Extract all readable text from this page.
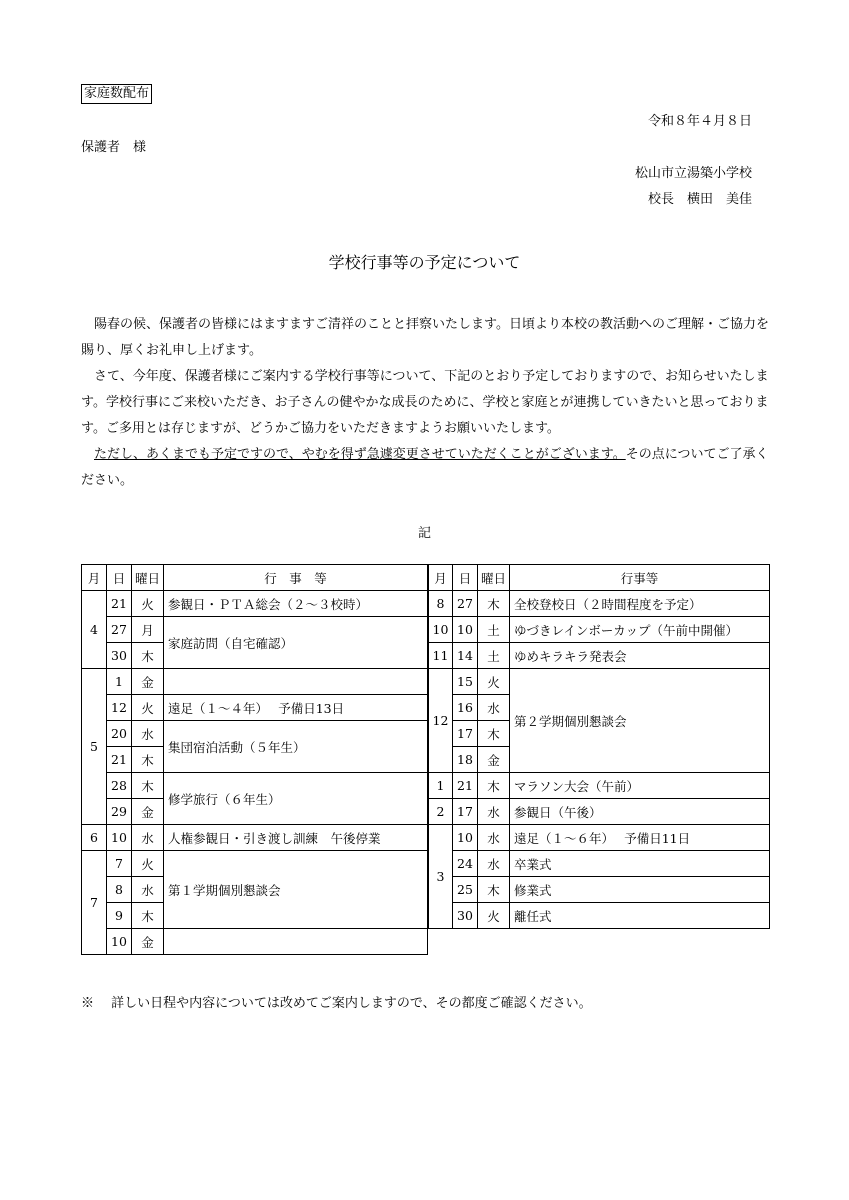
家庭数配布
令和８年４月８日
保護者　様
松山市立湯築小学校
校長　横田　美佳
学校行事等の予定について

陽春の候、保護者の皆様にはますますご清祥のことと拝察いたします。日頃より本校の教活動へのご理解・ご協力を賜り、厚くお礼申し上げます。

さて、今年度、保護者様にご案内する学校行事等について、下記のとおり予定しておりますので、お知らせいたします。学校行事にご来校いただき、お子さんの健やかな成長のために、学校と家庭とが連携していきたいと思っております。ご多用とは存じますが、どうかご協力をいただきますようお願いいたします。

ただし、あくまでも予定ですので、やむを得ず急遽変更させていただくことがございます。その点についてご了承ください。

記
月	日	曜日	行　事　等
4	21	火	参観日・ＰＴＡ総会（２～３校時）
	27	月	家庭訪問（自宅確認）
	30	木	
5	1	金	
	12	火	遠足（１～４年）　 予備日13日
	20	水	集団宿泊活動（５年生）
	21	木	
	28	木	修学旅行（６年生）
	29	金	
6	10	水	人権参観日・引き渡し訓練　午後停業
7	7	火	第１学期個別懇談会
	8	水	
	9	木	
	10	金	
月	日	曜日	行事等
8	27	木	全校登校日（２時間程度を予定）
10	10	土	ゆづきレインボーカップ（午前中開催）
11	14	土	ゆめキラキラ発表会
12	15	火	第２学期個別懇談会
	16	水	
	17	木	
	18	金	
1	21	木	マラソン大会（午前）
2	17	水	参観日（午後）
3	10	水	遠足（１～６年）　 予備日11日
	24	水	卒業式
	25	木	修業式
	30	火	離任式
※　 詳しい日程や内容については改めてご案内しますので、その都度ご確認ください。
